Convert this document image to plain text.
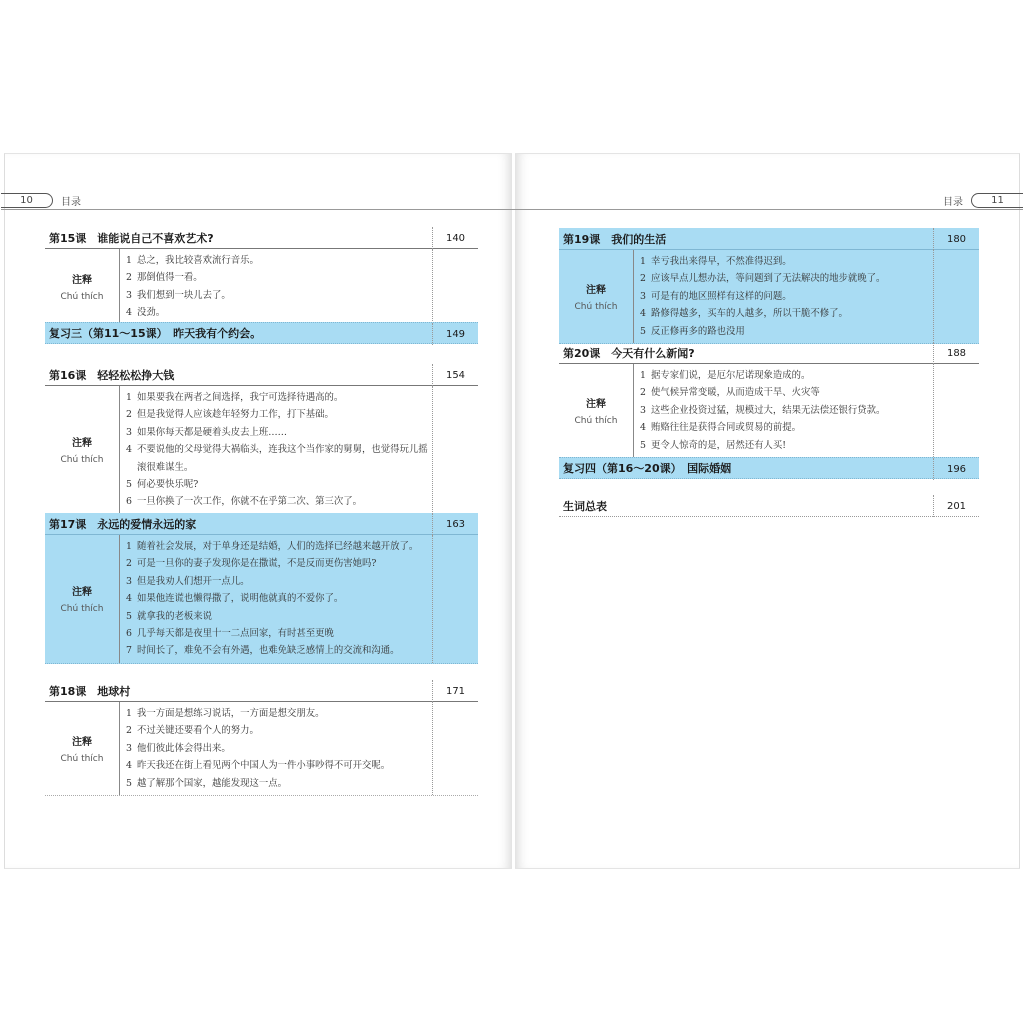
10	目录
第15课　谁能说自己不喜欢艺术?	140
注释
Chú thích
1 总之，我比较喜欢流行音乐。
2 那倒值得一看。
3 我们想到一块儿去了。
4 没劲。
复习三（第11～15课）　昨天我有个约会。	149
第16课　轻轻松松挣大钱	154
注释
Chú thích
1 如果要我在两者之间选择，我宁可选择待遇高的。
2 但是我觉得人应该趁年轻努力工作，打下基础。
3 如果你每天都是硬着头皮去上班……
4 不要说他的父母觉得大祸临头，连我这个当作家的舅舅，也觉得玩儿摇滚很难谋生。
5 何必要快乐呢?
6 一旦你换了一次工作，你就不在乎第二次、第三次了。
第17课　永远的爱情永远的家	163
注释
Chú thích
1 随着社会发展，对于单身还是结婚，人们的选择已经越来越开放了。
2 可是一旦你的妻子发现你是在撒谎，不是反而更伤害她吗?
3 但是我劝人们想开一点儿。
4 如果他连谎也懒得撒了，说明他就真的不爱你了。
5 就拿我的老板来说
6 几乎每天都是夜里十一二点回家，有时甚至更晚
7 时间长了，难免不会有外遇，也难免缺乏感情上的交流和沟通。
第18课　地球村	171
注释
Chú thích
1 我一方面是想练习说话，一方面是想交朋友。
2 不过关键还要看个人的努力。
3 他们彼此体会得出来。
4 昨天我还在街上看见两个中国人为一件小事吵得不可开交呢。
5 越了解那个国家，越能发现这一点。
目录	11
第19课　我们的生活	180
注释
Chú thích
1 幸亏我出来得早，不然准得迟到。
2 应该早点儿想办法，等问题到了无法解决的地步就晚了。
3 可是有的地区照样有这样的问题。
4 路修得越多，买车的人越多，所以干脆不修了。
5 反正修再多的路也没用
第20课　今天有什么新闻?	188
注释
Chú thích
1 据专家们说，是厄尔尼诺现象造成的。
2 使气候异常变暖，从而造成干旱、火灾等
3 这些企业投资过猛，规模过大，结果无法偿还银行贷款。
4 贿赂往往是获得合同或贸易的前提。
5 更令人惊奇的是，居然还有人买!
复习四（第16～20课）　国际婚姻	196
生词总表	201
